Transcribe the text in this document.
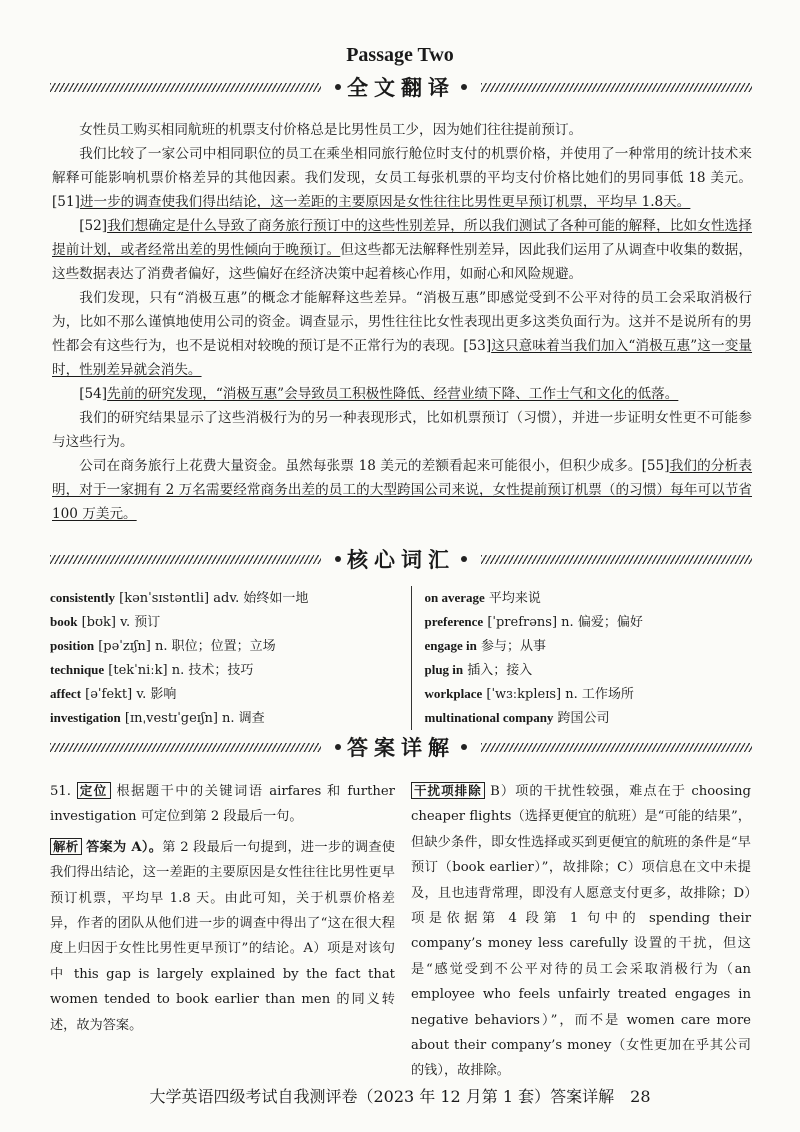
Passage Two
全文翻译

女性员工购买相同航班的机票支付价格总是比男性员工少，因为她们往往提前预订。

我们比较了一家公司中相同职位的员工在乘坐相同旅行舱位时支付的机票价格，并使用了一种常用的统计技术来解释可能影响机票价格差异的其他因素。我们发现，女员工每张机票的平均支付价格比她们的男同事低 18 美元。[51]进一步的调查使我们得出结论，这一差距的主要原因是女性往往比男性更早预订机票，平均早 1.8天。

[52]我们想确定是什么导致了商务旅行预订中的这些性别差异，所以我们测试了各种可能的解释，比如女性选择提前计划，或者经常出差的男性倾向于晚预订。但这些都无法解释性别差异，因此我们运用了从调查中收集的数据，这些数据表达了消费者偏好，这些偏好在经济决策中起着核心作用，如耐心和风险规避。

我们发现，只有“消极互惠”的概念才能解释这些差异。“消极互惠”即感觉受到不公平对待的员工会采取消极行为，比如不那么谨慎地使用公司的资金。调查显示，男性往往比女性表现出更多这类负面行为。这并不是说所有的男性都会有这些行为，也不是说相对较晚的预订是不正常行为的表现。[53]这只意味着当我们加入“消极互惠”这一变量时，性别差异就会消失。

[54]先前的研究发现，“消极互惠”会导致员工积极性降低、经营业绩下降、工作士气和文化的低落。

我们的研究结果显示了这些消极行为的另一种表现形式，比如机票预订（习惯），并进一步证明女性更不可能参与这些行为。

公司在商务旅行上花费大量资金。虽然每张票 18 美元的差额看起来可能很小，但积少成多。[55]我们的分析表明，对于一家拥有 2 万名需要经常商务出差的员工的大型跨国公司来说，女性提前预订机票（的习惯）每年可以节省 100 万美元。

核心词汇
consistently [kənˈsɪstəntli] adv. 始终如一地
book [bʊk] v. 预订
position [pəˈzɪʃn] n. 职位；位置；立场
technique [tekˈniːk] n. 技术；技巧
affect [əˈfekt] v. 影响
investigation [ɪnˌvestɪˈgeɪʃn] n. 调查
on average 平均来说
preference [ˈprefrəns] n. 偏爱；偏好
engage in 参与；从事
plug in 插入；接入
workplace [ˈwɜːkpleɪs] n. 工作场所
multinational company 跨国公司
答案详解

51. 定位 根据题干中的关键词语 airfares 和 further investigation 可定位到第 2 段最后一句。

解析 答案为 A）。第 2 段最后一句提到，进一步的调查使我们得出结论，这一差距的主要原因是女性往往比男性更早预订机票，平均早 1.8 天。由此可知，关于机票价格差异，作者的团队从他们进一步的调查中得出了“这在很大程度上归因于女性比男性更早预订”的结论。A）项是对该句中 this gap is largely explained by the fact that women tended to book earlier than men 的同义转述，故为答案。

干扰项排除 B）项的干扰性较强，难点在于 choosing cheaper flights（选择更便宜的航班）是“可能的结果”，但缺少条件，即女性选择或买到更便宜的航班的条件是“早预订（book earlier）”，故排除；C）项信息在文中未提及，且也违背常理，即没有人愿意支付更多，故排除；D）项是依据第 4 段第 1 句中的 spending their company’s money less carefully 设置的干扰，但这是“感觉受到不公平对待的员工会采取消极行为（an employee who feels unfairly treated engages in negative behaviors）”，而不是 women care more about their company’s money（女性更加在乎其公司的钱），故排除。

大学英语四级考试自我测评卷（2023 年 12 月第 1 套）答案详解　28
